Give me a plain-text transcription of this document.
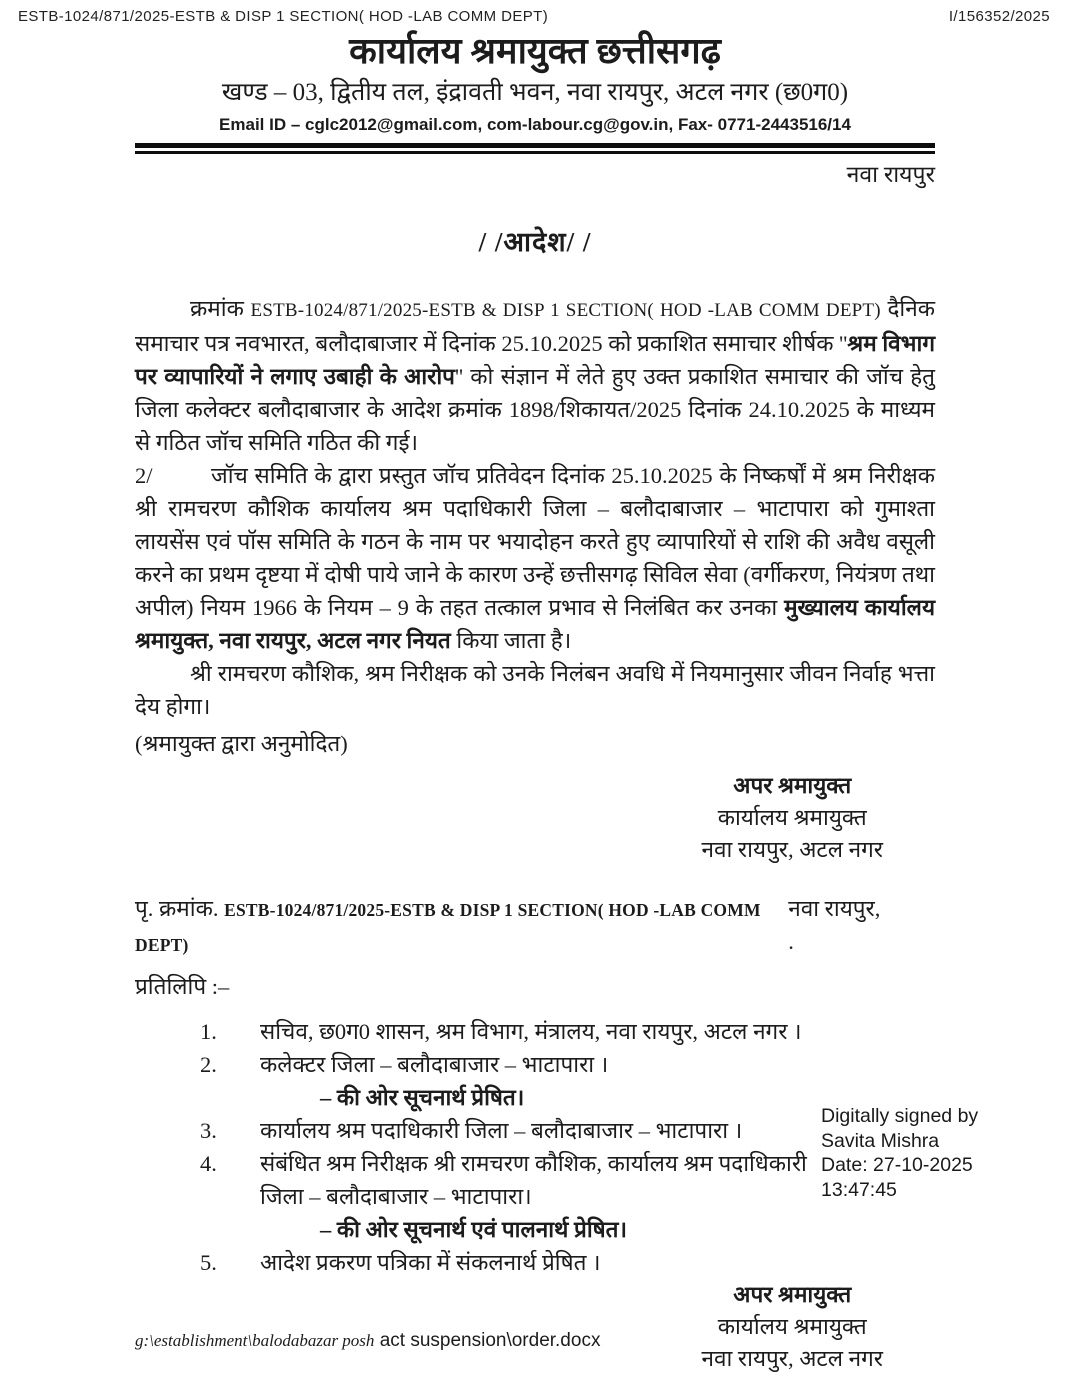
ESTB-1024/871/2025-ESTB & DISP 1 SECTION( HOD -LAB COMM DEPT)	I/156352/2025
कार्यालय श्रमायुक्त छत्तीसगढ़
खण्ड – 03, द्वितीय तल, इंद्रावती भवन, नवा रायपुर, अटल नगर (छ0ग0)
Email ID – cglc2012@gmail.com, com-labour.cg@gov.in, Fax- 0771-2443516/14
नवा रायपुर
/ /आदेश/ /

क्रमांक ESTB-1024/871/2025-ESTB & DISP 1 SECTION( HOD -LAB COMM DEPT) दैनिक समाचार पत्र नवभारत, बलौदाबाजार में दिनांक 25.10.2025 को प्रकाशित समाचार शीर्षक ''श्रम विभाग पर व्यापारियों ने लगाए उबाही के आरोप'' को संज्ञान में लेते हुए उक्त प्रकाशित समाचार की जॉच हेतु जिला कलेक्टर बलौदाबाजार के आदेश क्रमांक 1898/शिकायत/2025 दिनांक 24.10.2025 के माध्यम से गठित जॉच समिति गठित की गई।

2/	जॉच समिति के द्वारा प्रस्तुत जॉच प्रतिवेदन दिनांक 25.10.2025 के निष्कर्षों में श्रम निरीक्षक श्री रामचरण कौशिक कार्यालय श्रम पदाधिकारी जिला – बलौदाबाजार – भाटापारा को गुमाश्ता लायसेंस एवं पॉस समिति के गठन के नाम पर भयादोहन करते हुए व्यापारियों से राशि की अवैध वसूली करने का प्रथम दृष्टया में दोषी पाये जाने के कारण उन्हें छत्तीसगढ़ सिविल सेवा (वर्गीकरण, नियंत्रण तथा अपील) नियम 1966 के नियम – 9 के तहत तत्काल प्रभाव से निलंबित कर उनका मुख्यालय कार्यालय श्रमायुक्त, नवा रायपुर, अटल नगर नियत किया जाता है।

श्री रामचरण कौशिक, श्रम निरीक्षक को उनके निलंबन अवधि में नियमानुसार जीवन निर्वाह भत्ता देय होगा।

(श्रमायुक्त द्वारा अनुमोदित)
अपर श्रमायुक्त
कार्यालय श्रमायुक्त
नवा रायपुर, अटल नगर
पृ. क्रमांक. ESTB-1024/871/2025-ESTB & DISP 1 SECTION( HOD -LAB COMM DEPT)
नवा रायपुर, .
प्रतिलिपि :–
1.	सचिव, छ0ग0 शासन, श्रम विभाग, मंत्रालय, नवा रायपुर, अटल नगर ।
2.	कलेक्टर जिला – बलौदाबाजार – भाटापारा ।
– की ओर सूचनार्थ प्रेषित।
3.	कार्यालय श्रम पदाधिकारी जिला – बलौदाबाजार – भाटापारा ।
4.	संबंधित श्रम निरीक्षक श्री रामचरण कौशिक, कार्यालय श्रम पदाधिकारी
जिला – बलौदाबाजार – भाटापारा।
– की ओर सूचनार्थ एवं पालनार्थ प्रेषित।
5.	आदेश प्रकरण पत्रिका में संकलनार्थ प्रेषित ।
अपर श्रमायुक्त
कार्यालय श्रमायुक्त
नवा रायपुर, अटल नगर
Digitally signed by
Savita Mishra
Date: 27-10-2025
13:47:45
g:\establishment\balodabazar posh act suspension\order.docx
